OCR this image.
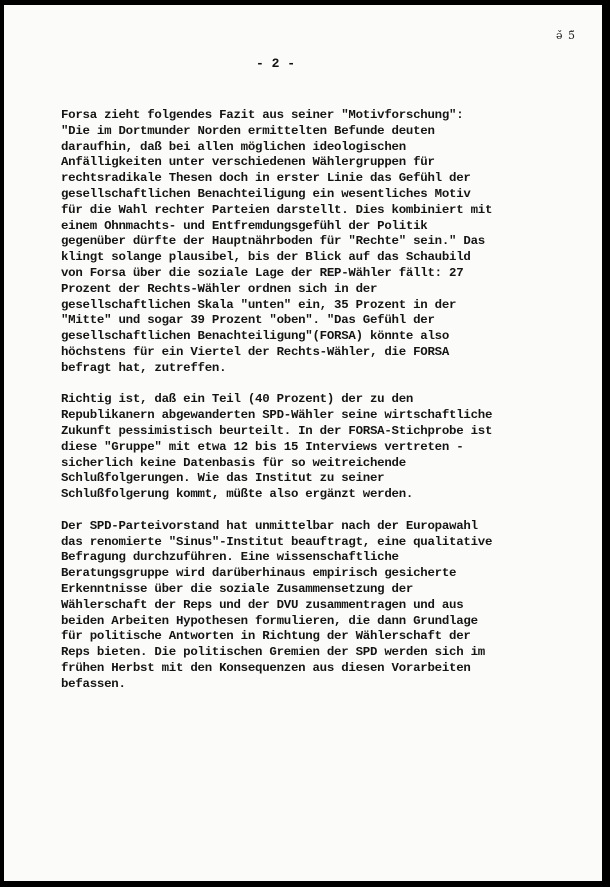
ǝ̌ 5̈
- 2 -

Forsa zieht folgendes Fazit aus seiner "Motivforschung":
"Die im Dortmunder Norden ermittelten Befunde deuten
daraufhin, daß bei allen möglichen ideologischen
Anfälligkeiten unter verschiedenen Wählergruppen für
rechtsradikale Thesen doch in erster Linie das Gefühl der
gesellschaftlichen Benachteiligung ein wesentliches Motiv
für die Wahl rechter Parteien darstellt. Dies kombiniert mit
einem Ohnmachts- und Entfremdungsgefühl der Politik
gegenüber dürfte der Hauptnährboden für "Rechte" sein." Das
klingt solange plausibel, bis der Blick auf das Schaubild
von Forsa über die soziale Lage der REP-Wähler fällt: 27
Prozent der Rechts-Wähler ordnen sich in der
gesellschaftlichen Skala "unten" ein, 35 Prozent in der
"Mitte" und sogar 39 Prozent "oben". "Das Gefühl der
gesellschaftlichen Benachteiligung"(FORSA) könnte also
höchstens für ein Viertel der Rechts-Wähler, die FORSA
befragt hat, zutreffen.

Richtig ist, daß ein Teil (40 Prozent) der zu den
Republikanern abgewanderten SPD-Wähler seine wirtschaftliche
Zukunft pessimistisch beurteilt. In der FORSA-Stichprobe ist
diese "Gruppe" mit etwa 12 bis 15 Interviews vertreten -
sicherlich keine Datenbasis für so weitreichende
Schlußfolgerungen. Wie das Institut zu seiner
Schlußfolgerung kommt, müßte also ergänzt werden.

Der SPD-Parteivorstand hat unmittelbar nach der Europawahl
das renomierte "Sinus"-Institut beauftragt, eine qualitative
Befragung durchzuführen. Eine wissenschaftliche
Beratungsgruppe wird darüberhinaus empirisch gesicherte
Erkenntnisse über die soziale Zusammensetzung der
Wählerschaft der Reps und der DVU zusammentragen und aus
beiden Arbeiten Hypothesen formulieren, die dann Grundlage
für politische Antworten in Richtung der Wählerschaft der
Reps bieten. Die politischen Gremien der SPD werden sich im
frühen Herbst mit den Konsequenzen aus diesen Vorarbeiten
befassen.
